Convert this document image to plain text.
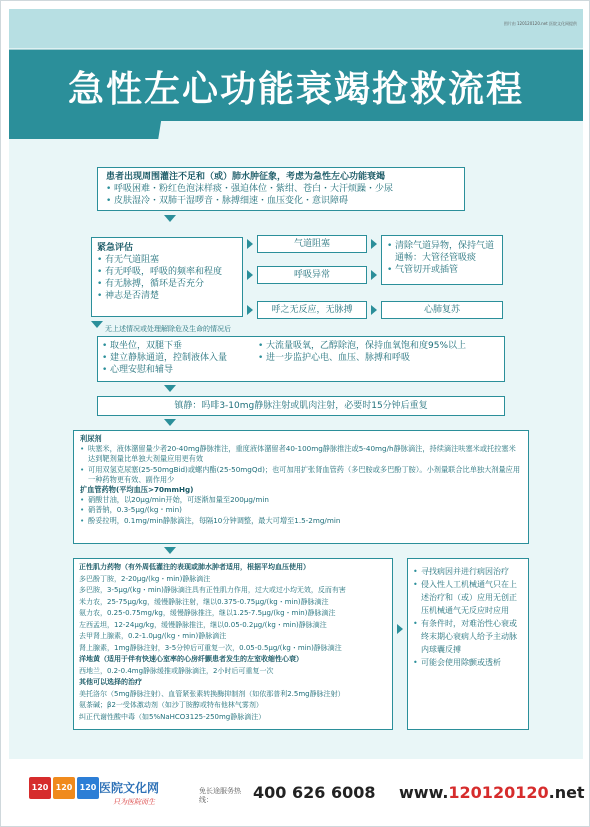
图片由 120120120.net 医院文化网提供
急性左心功能衰竭抢救流程
患者出现周围灌注不足和（或）肺水肿征象，考虑为急性左心功能衰竭
• 呼吸困难・粉红色泡沫样痰・强迫体位・紫绀、苍白・大汗烦躁・少尿
• 皮肤湿冷・双肺干湿啰音・脉搏细速・血压变化・意识障碍
紧急评估
• 有无气道阻塞
• 有无呼吸，呼吸的频率和程度
• 有无脉搏，循环是否充分
• 神志是否清楚
气道阻塞
呼吸异常
• 清除气道异物，保持气道通畅：大管径管吸痰
• 气管切开或插管
呼之无反应，无脉搏	心肺复苏
无上述情况或处理解除危及生命的情况后
• 取坐位，双腿下垂
• 建立静脉通道，控制液体入量
• 心理安慰和辅导
• 大流量吸氧，乙醇除泡，保持血氧饱和度95%以上
• 进一步监护心电、血压、脉搏和呼吸
镇静：吗啡3-10mg静脉注射或肌肉注射，必要时15分钟后重复
利尿剂
• 呋塞米，液体潴留量少者20-40mg静脉推注，重度液体潴留者40-100mg静脉推注或5-40mg/h静脉滴注，持续滴注呋塞米或托拉塞米达到靶剂量比单独大剂量应用更有效
• 可用双氢克尿塞(25-50mgBid)或螺内酯(25-50mgQd)；也可加用扩张肾血管药（多巴胺或多巴酚丁胺）。小剂量联合比单独大剂量应用一种药物更有效、副作用少
扩血管药物(平均血压>70mmHg)
• 硝酸甘油，以20μg/min开始，可逐渐加量至200μg/min
• 硝普钠，0.3-5μg/(kg・min)
• 酚妥拉明，0.1mg/min静脉滴注，每隔10分钟调整，最大可增至1.5-2mg/min
正性肌力药物（有外周低灌注的表现或肺水肿者适用，根据平均血压使用）
多巴酚丁胺，2-20μg/(kg・min)静脉滴注
多巴胺，3-5μg/(kg・min)静脉滴注具有正性肌力作用，过大或过小均无效，反而有害
米力农，25-75μg/kg，缓慢静脉注射，继以0.375-0.75μg/(kg・min)静脉滴注
氨力农，0.25-0.75mg/kg，缓慢静脉推注，继以1.25-7.5μg/(kg・min)静脉滴注
左西孟坦，12-24μg/kg，缓慢静脉推注，继以0.05-0.2μg/(kg・min)静脉滴注
去甲肾上腺素，0.2-1.0μg/(kg・min)静脉滴注
肾上腺素，1mg静脉注射，3-5分钟后可重复一次，0.05-0.5μg/(kg・min)静脉滴注
洋地黄（适用于伴有快速心室率的心房纤颤患者发生的左室收缩性心衰）
西地兰，0.2-0.4mg静脉缓推或静脉滴注，2小时后可重复一次
其他可以选择的治疗
美托洛尔（5mg静脉注射）、血管紧张素转换酶抑制剂（如依那普利2.5mg静脉注射）
氨茶碱；β2一受体激动剂（如沙丁胺醇或特布他林气雾剂）
纠正代谢性酸中毒（如5%NaHCO3125-250mg静脉滴注）
• 寻找病因并进行病因治疗
• 侵入性人工机械通气只在上述治疗和（或）应用无创正压机械通气无反应时应用
• 有条件时，对难治性心衰或终末期心衰病人给予主动脉内球囊反搏
• 可能会使用除颤或透析
120 120 120 医院文化网
只为医院而生
免长途服务热线：	400 626 6008 www.120120120.net
